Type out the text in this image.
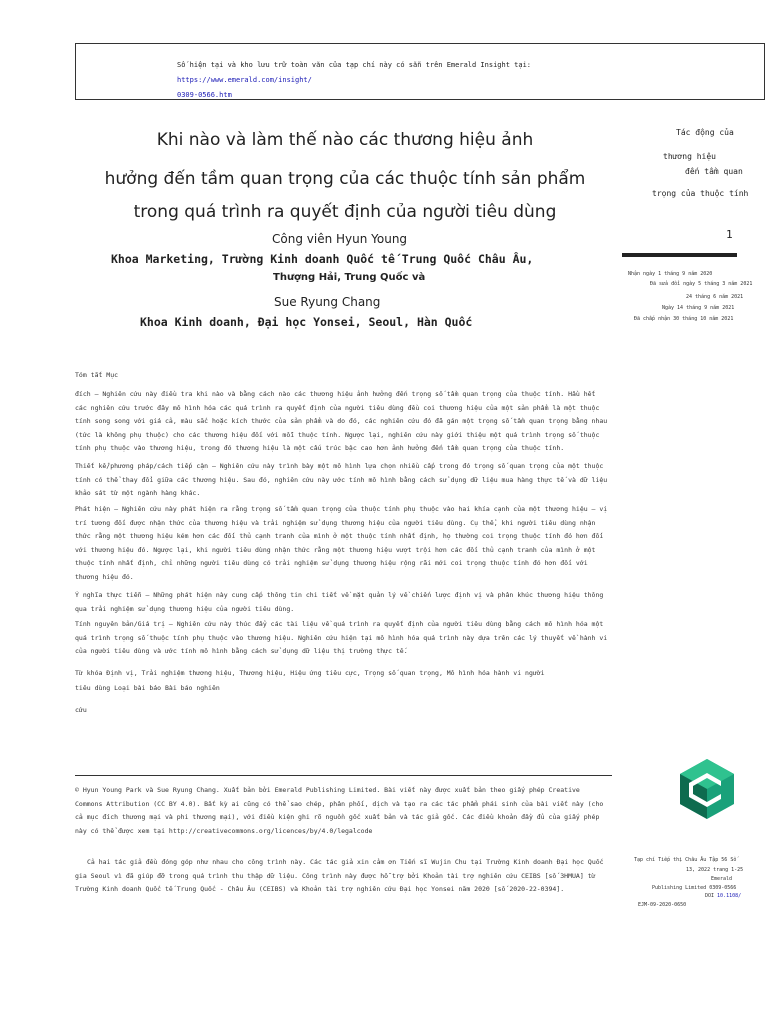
Số hiện tại và kho lưu trữ toàn văn của tạp chí này có sẵn trên Emerald Insight tại: https://www.emerald.com/insight/
0309-0566.htm
Khi nào và làm thế nào các thương hiệu ảnh
hưởng đến tầm quan trọng của các thuộc tính sản phẩm
trong quá trình ra quyết định của người tiêu dùng
Công viên Hyun Young
Khoa Marketing, Trường Kinh doanh Quốc tế Trung Quốc Châu Âu,
Thượng Hải, Trung Quốc và
Sue Ryung Chang
Khoa Kinh doanh, Đại học Yonsei, Seoul, Hàn Quốc
Tác động của
thương hiệu
đến tầm quan
trọng của thuộc tính
1
Nhận ngày 1 tháng 9 năm 2020
Đã sửa đổi ngày 5 tháng 3 năm 2021
24 tháng 6 năm 2021
Ngày 14 tháng 9 năm 2021
Đã chấp nhận 30 tháng 10 năm 2021
Tóm tắt Mục
đích – Nghiên cứu này điều tra khi nào và bằng cách nào các thương hiệu ảnh hưởng đến trọng số tầm quan trọng của thuộc tính. Hầu hết các nghiên cứu trước đây mô hình hóa các quá trình ra quyết định của người tiêu dùng đều coi thương hiệu của một sản phẩm là một thuộc tính song song với giá cả, màu sắc hoặc kích thước của sản phẩm và do đó, các nghiên cứu đó đã gán một trọng số tầm quan trọng bằng nhau (tức là không phụ thuộc) cho các thương hiệu đối với mỗi thuộc tính. Ngược lại, nghiên cứu này giới thiệu một quá trình trọng số thuộc tính phụ thuộc vào thương hiệu, trong đó thương hiệu là một cấu trúc bậc cao hơn ảnh hưởng đến tầm quan trọng của thuộc tính.
Thiết kế/phương pháp/cách tiếp cận – Nghiên cứu này trình bày một mô hình lựa chọn nhiều cấp trong đó trọng số quan trọng của một thuộc tính có thể thay đổi giữa các thương hiệu. Sau đó, nghiên cứu này ước tính mô hình bằng cách sử dụng dữ liệu mua hàng thực tế và dữ liệu khảo sát từ một ngành hàng khác.
Phát hiện – Nghiên cứu này phát hiện ra rằng trọng số tầm quan trọng của thuộc tính phụ thuộc vào hai khía cạnh của một thương hiệu – vị trí tương đối được nhận thức của thương hiệu và trải nghiệm sử dụng thương hiệu của người tiêu dùng. Cụ thể, khi người tiêu dùng nhận thức rằng một thương hiệu kém hơn các đối thủ cạnh tranh của mình ở một thuộc tính nhất định, họ thường coi trọng thuộc tính đó hơn đối với thương hiệu đó. Ngược lại, khi người tiêu dùng nhận thức rằng một thương hiệu vượt trội hơn các đối thủ cạnh tranh của mình ở một thuộc tính nhất định, chỉ những người tiêu dùng có trải nghiệm sử dụng thương hiệu rộng rãi mới coi trọng thuộc tính đó hơn đối với thương hiệu đó.
Ý nghĩa thực tiễn – Những phát hiện này cung cấp thông tin chi tiết về mặt quản lý về chiến lược định vị và phân khúc thương hiệu thông qua trải nghiệm sử dụng thương hiệu của người tiêu dùng.
Tính nguyên bản/Giá trị – Nghiên cứu này thúc đẩy các tài liệu về quá trình ra quyết định của người tiêu dùng bằng cách mô hình hóa một quá trình trọng số thuộc tính phụ thuộc vào thương hiệu. Nghiên cứu hiện tại mô hình hóa quá trình này dựa trên các lý thuyết về hành vi của người tiêu dùng và ước tính mô hình bằng cách sử dụng dữ liệu thị trường thực tế.
Từ khóa Định vị, Trải nghiệm thương hiệu, Thương hiệu, Hiệu ứng tiêu cực, Trọng số quan trọng, Mô hình hóa hành vi người
tiêu dùng Loại bài báo Bài báo nghiên
cứu
© Hyun Young Park và Sue Ryung Chang. Xuất bản bởi Emerald Publishing Limited. Bài viết này được xuất bản theo giấy phép Creative Commons Attribution (CC BY 4.0). Bất kỳ ai cũng có thể sao chép, phân phối, dịch và tạo ra các tác phẩm phái sinh của bài viết này (cho cả mục đích thương mại và phi thương mại), với điều kiện ghi rõ nguồn gốc xuất bản và tác giả gốc. Các điều khoản đầy đủ của giấy phép này có thể được xem tại http://creativecommons.org/licences/by/4.0/legalcode
Cả hai tác giả đều đóng góp như nhau cho công trình này. Các tác giả xin cảm ơn Tiến sĩ Wujin Chu tại Trường Kinh doanh Đại học Quốc gia Seoul vì đã giúp đỡ trong quá trình thu thập dữ liệu. Công trình này được hỗ trợ bởi Khoản tài trợ nghiên cứu CEIBS [số 3HMUA] từ Trường Kinh doanh Quốc tế Trung Quốc - Châu Âu (CEIBS) và Khoản tài trợ nghiên cứu Đại học Yonsei năm 2020 [số 2020-22-0394].
Tạp chí Tiếp thị Châu Âu Tập 56 Số
13, 2022 trang 1-25
Emerald
Publishing Limited 0309-0566
DOI 10.1108/
EJM-09-2020-0650
